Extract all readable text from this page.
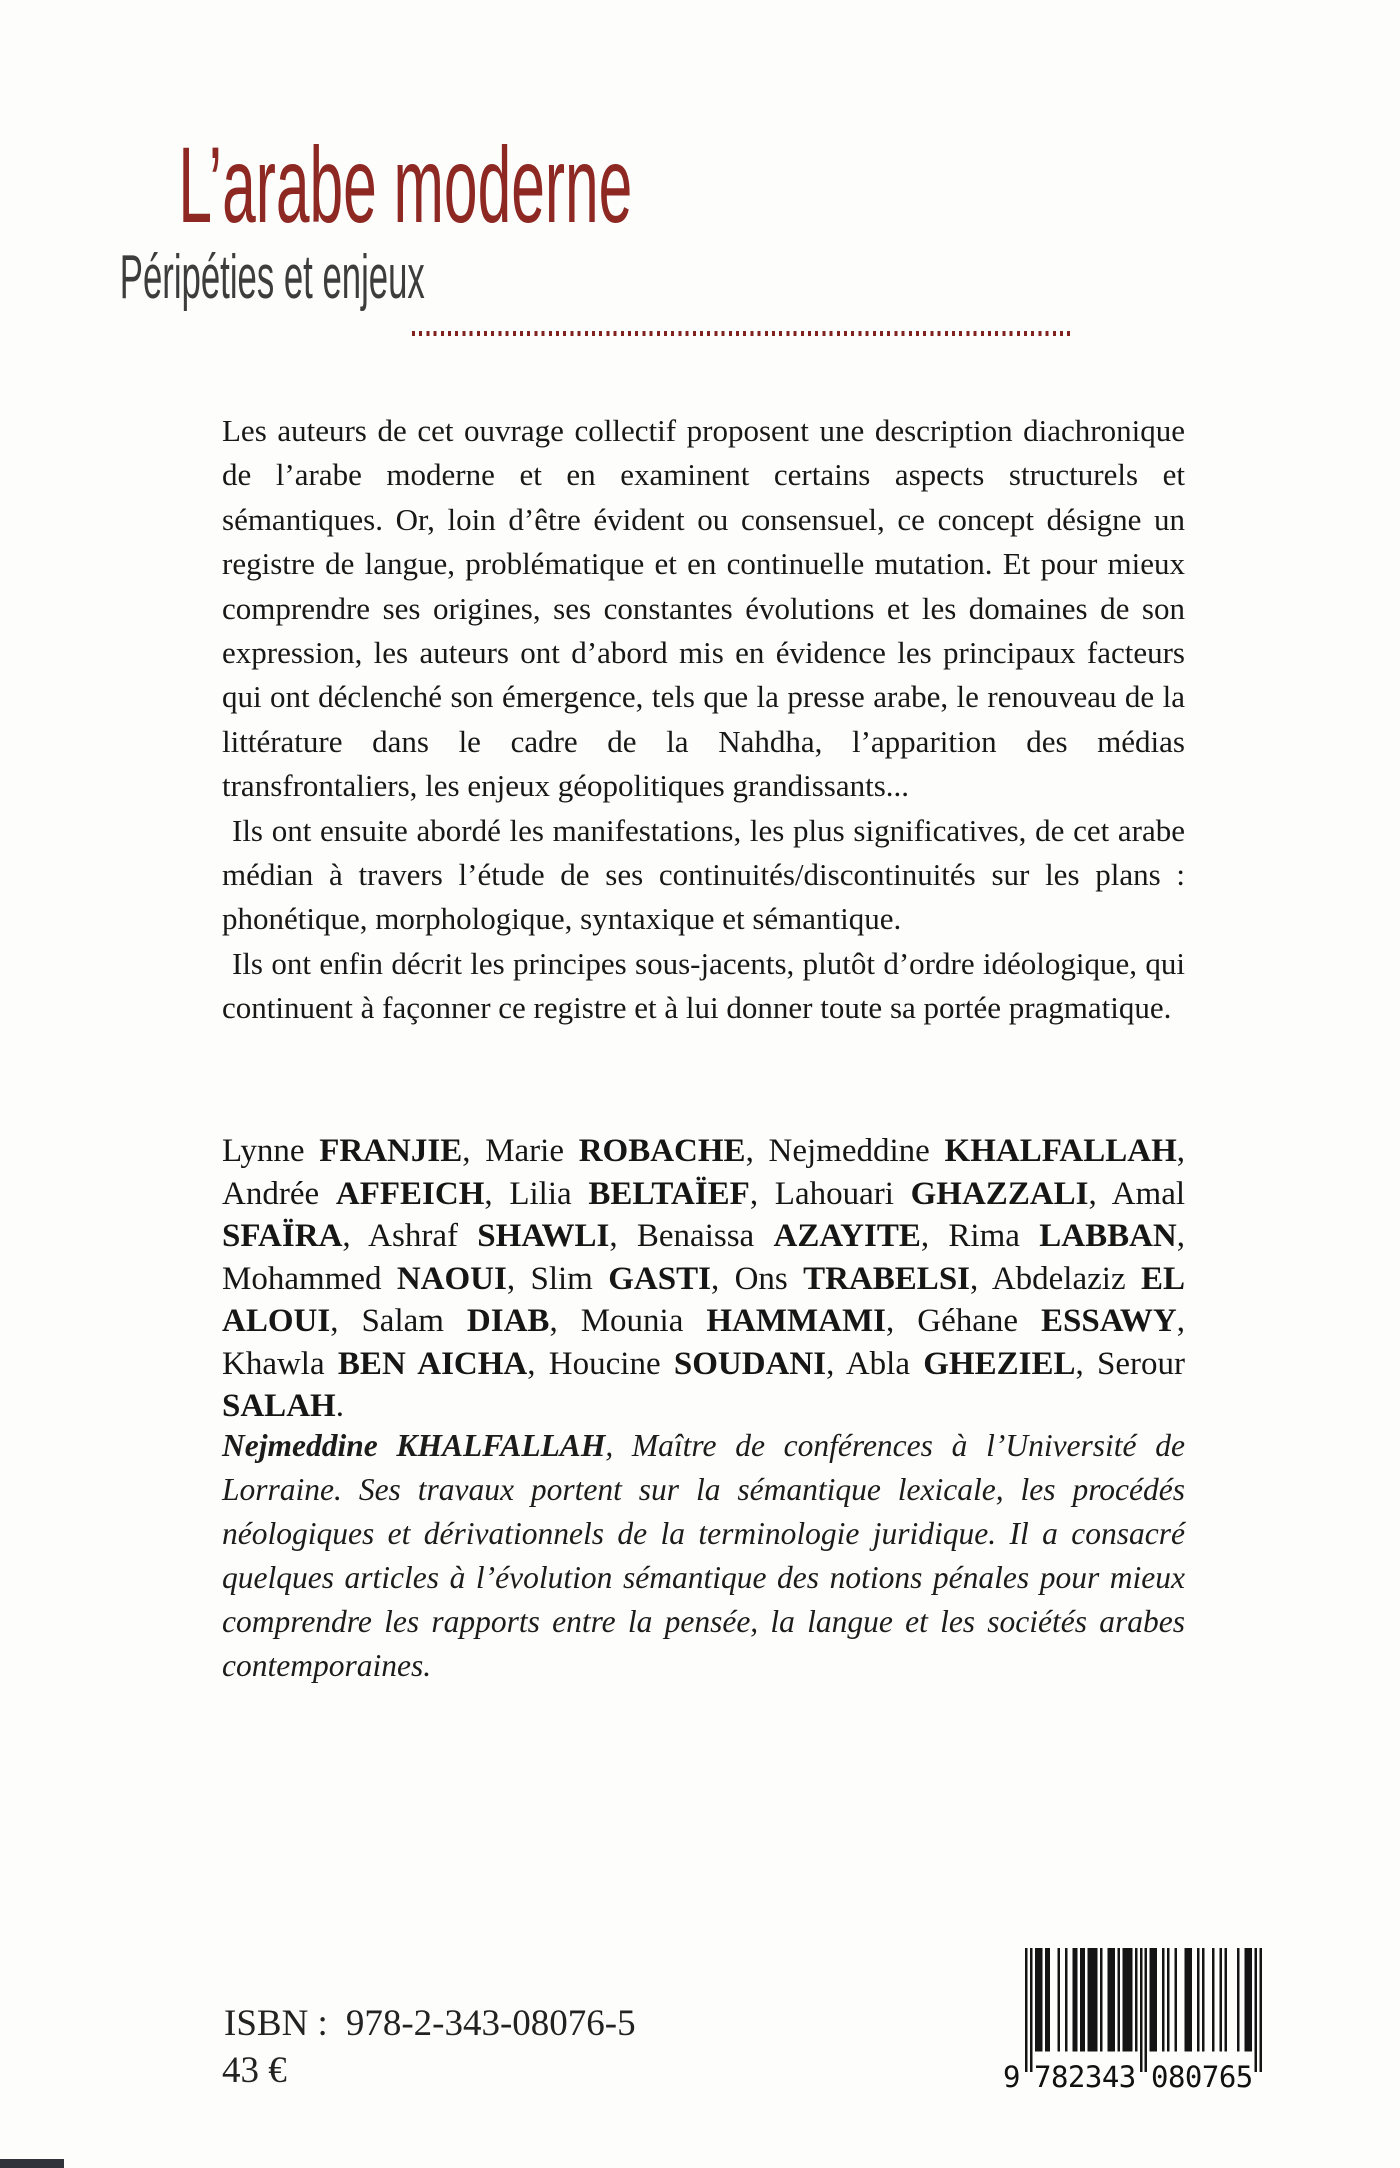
L’arabe moderne
Péripéties et enjeux

Les auteurs de cet ouvrage collectif proposent une description diachronique de l’arabe moderne et en examinent certains aspects structurels et sémantiques. Or, loin d’être évident ou consensuel, ce concept désigne un registre de langue, problématique et en continuelle mutation. Et pour mieux comprendre ses origines, ses constantes évolutions et les domaines de son expression, les auteurs ont d’abord mis en évidence les principaux facteurs qui ont déclenché son émergence, tels que la presse arabe, le renouveau de la littérature dans le cadre de la Nahdha, l’apparition des médias transfrontaliers, les enjeux géopolitiques grandissants...

Ils ont ensuite abordé les manifestations, les plus significatives, de cet arabe médian à travers l’étude de ses continuités/discontinuités sur les plans : phonétique, morphologique, syntaxique et sémantique.

Ils ont enfin décrit les principes sous-jacents, plutôt d’ordre idéologique, qui continuent à façonner ce registre et à lui donner toute sa portée pragmatique.

Lynne FRANJIE, Marie ROBACHE, Nejmeddine KHALFALLAH, Andrée AFFEICH, Lilia BELTAÏEF, Lahouari GHAZZALI, Amal SFAÏRA, Ashraf SHAWLI, Benaissa AZAYITE, Rima LABBAN, Mohammed NAOUI, Slim GASTI, Ons TRABELSI, Abdelaziz EL ALOUI, Salam DIAB, Mounia HAMMAMI, Géhane ESSAWY, Khawla BEN AICHA, Houcine SOUDANI, Abla GHEZIEL, Serour SALAH.
Nejmeddine KHALFALLAH, Maître de conférences à l’Université de Lorraine. Ses travaux portent sur la sémantique lexicale, les procédés néologiques et dérivationnels de la terminologie juridique. Il a consacré quelques articles à l’évolution sémantique des notions pénales pour mieux comprendre les rapports entre la pensée, la langue et les sociétés arabes contemporaines.
ISBN : 978-2-343-08076-5
43 €	9 782343 080765
